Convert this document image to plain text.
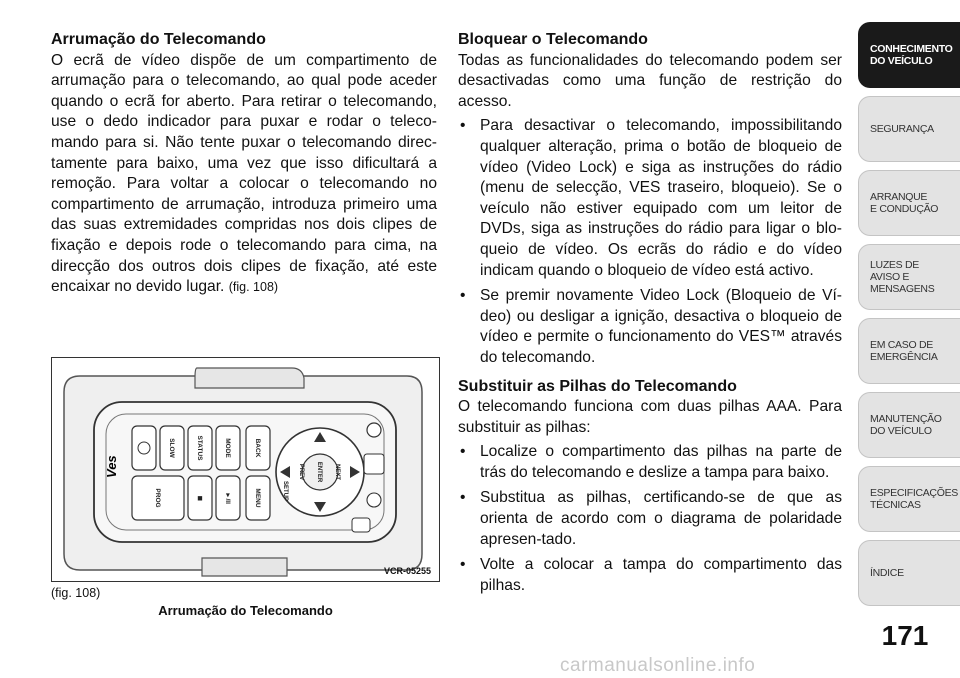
Arrumação do Telecomando

O ecrã de vídeo dispõe de um compartimento de arrumação para o telecomando, ao qual pode aceder quando o ecrã for aberto. Para retirar o telecomando, use o dedo indicador para puxar e rodar o teleco-mando para si. Não tente puxar o telecomando direc-tamente para baixo, uma vez que isso dificultará a remoção. Para voltar a colocar o telecomando no compartimento de arrumação, introduza primeiro uma das suas extremidades compridas nos dois clipes de fixação e depois rode o telecomando para cima, na direcção dos outros dois clipes de fixação, até este encaixar no devido lugar. (fig. 108)

Ves
SLOW	STATUS	MODE
PROG	■	►/II
BACK
MENU	SETUP
PREV ENTER NEXT
VCR-05255
(fig. 108)
Arrumação do Telecomando
Bloquear o Telecomando

Todas as funcionalidades do telecomando podem ser desactivadas como uma função de restrição do acesso.

• Para desactivar o telecomando, impossibilitando qualquer alteração, prima o botão de bloqueio de vídeo (Video Lock) e siga as instruções do rádio (menu de selecção, VES traseiro, bloqueio). Se o veículo não estiver equipado com um leitor de DVDs, siga as instruções do rádio para ligar o blo-queio de vídeo. Os ecrãs do rádio e do vídeo indicam quando o bloqueio de vídeo está activo.
• Se premir novamente Video Lock (Bloqueio de Ví-deo) ou desligar a ignição, desactiva o bloqueio de vídeo e permite o funcionamento do VES™ através do telecomando.
Substituir as Pilhas do Telecomando

O telecomando funciona com duas pilhas AAA. Para substituir as pilhas:

• Localize o compartimento das pilhas na parte de trás do telecomando e deslize a tampa para baixo.
• Substitua as pilhas, certificando-se de que as orienta de acordo com o diagrama de polaridade apresen-tado.
• Volte a colocar a tampa do compartimento das pilhas.
CONHECIMENTO
DO VEÍCULO
SEGURANÇA
ARRANQUE
E CONDUÇÃO
LUZES DE
AVISO E
MENSAGENS
EM CASO DE
EMERGÊNCIA
MANUTENÇÃO
DO VEÍCULO
ESPECIFICAÇÕES
TÉCNICAS
ÍNDICE
171
carmanualsonline.info
